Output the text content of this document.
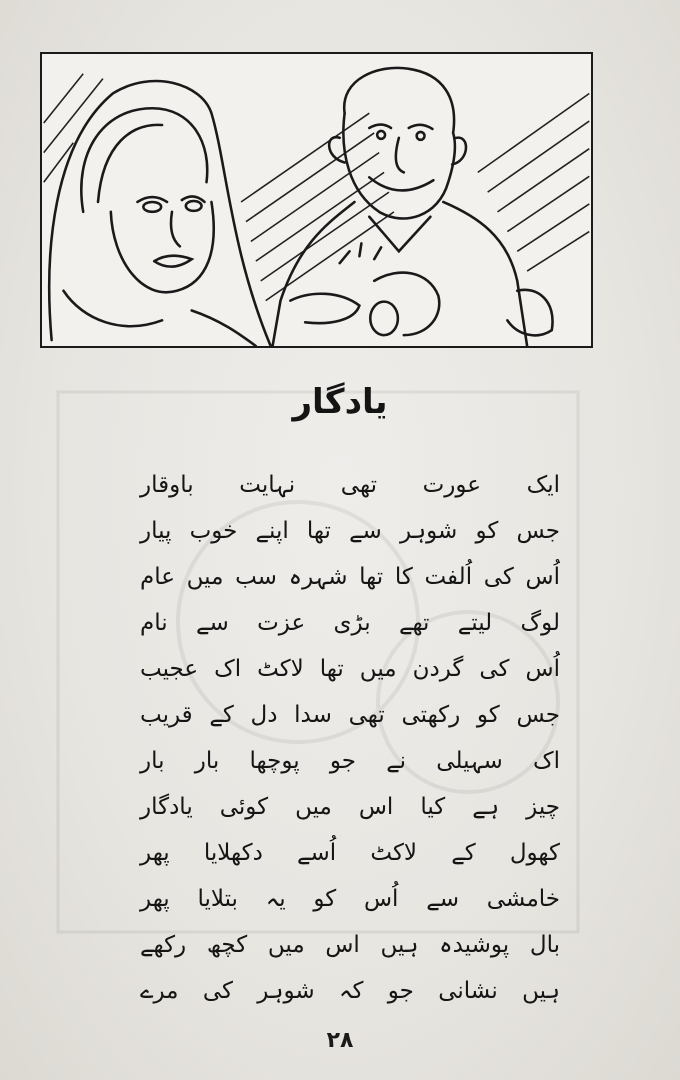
یادگار
ایک عورت تھی نہایت باوقار
جس کو شوہر سے تھا اپنے خوب پیار
اُس کی اُلفت کا تھا شہرہ سب میں عام
لوگ لیتے تھے بڑی عزت سے نام
اُس کی گردن میں تھا لاکٹ اک عجیب
جس کو رکھتی تھی سدا دل کے قریب
اک سہیلی نے جو پوچھا بار بار
چیز ہے کیا اس میں کوئی یادگار
کھول کے لاکٹ اُسے دکھلایا پھر
خامشی سے اُس کو یہ بتلایا پھر
بال پوشیدہ ہیں اس میں کچھ رکھے
ہیں نشانی جو کہ شوہر کی مرے
۲۸
